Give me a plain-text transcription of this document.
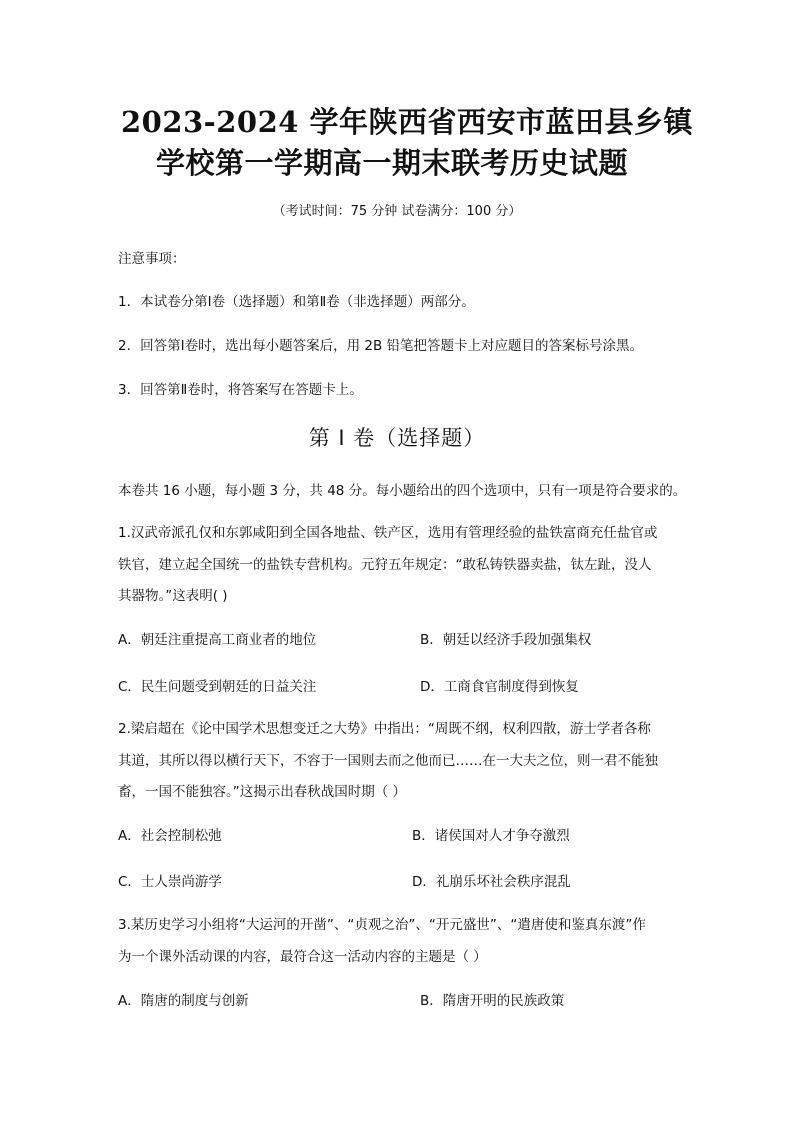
2023-2024 学年陕西省西安市蓝田县乡镇
学校第一学期高一期末联考历史试题
（考试时间：75 分钟 试卷满分：100 分）
注意事项：
1．本试卷分第Ⅰ卷（选择题）和第Ⅱ卷（非选择题）两部分。
2．回答第Ⅰ卷时，选出每小题答案后，用 2B 铅笔把答题卡上对应题目的答案标号涂黑。
3．回答第Ⅱ卷时，将答案写在答题卡上。
第 I 卷（选择题）
本卷共 16 小题，每小题 3 分，共 48 分。每小题给出的四个选项中，只有一项是符合要求的。
1.汉武帝派孔仅和东郭咸阳到全国各地盐、铁产区，选用有管理经验的盐铁富商充任盐官或
铁官，建立起全国统一的盐铁专营机构。元狩五年规定：“敢私铸铁器卖盐，钛左趾，没人
其器物。”这表明( )
A．朝廷注重提高工商业者的地位	B．朝廷以经济手段加强集权
C．民生问题受到朝廷的日益关注	D．工商食官制度得到恢复
2.梁启超在《论中国学术思想变迁之大势》中指出：“周既不纲，权利四散，游士学者各称
其道，其所以得以横行天下，不容于一国则去而之他而已……在一大夫之位，则一君不能独
畜，一国不能独容。”这揭示出春秋战国时期（ ）
A．社会控制松弛	B．诸侯国对人才争夺激烈
C．士人崇尚游学	D．礼崩乐坏社会秩序混乱
3.某历史学习小组将“大运河的开凿”、“贞观之治”、“开元盛世”、“遣唐使和鉴真东渡”作
为一个课外活动课的内容，最符合这一活动内容的主题是（ ）
A．隋唐的制度与创新	B．隋唐开明的民族政策
